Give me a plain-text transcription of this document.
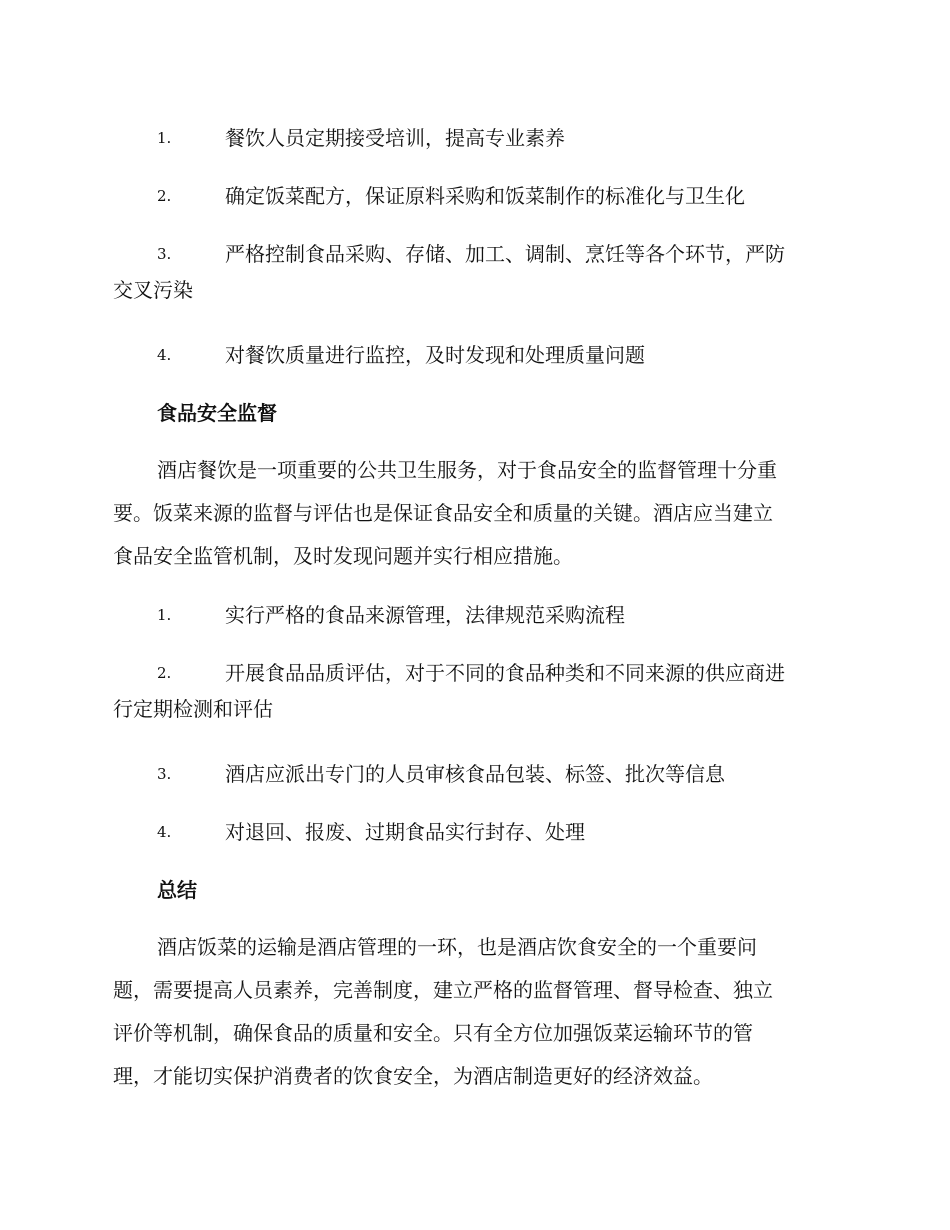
1.	餐饮人员定期接受培训，提高专业素养
2.	确定饭菜配方，保证原料采购和饭菜制作的标准化与卫生化
3.	严格控制食品采购、存储、加工、调制、烹饪等各个环节，严防
交叉污染
4.	对餐饮质量进行监控，及时发现和处理质量问题
食品安全监督
酒店餐饮是一项重要的公共卫生服务，对于食品安全的监督管理十分重
要。饭菜来源的监督与评估也是保证食品安全和质量的关键。酒店应当建立
食品安全监管机制，及时发现问题并实行相应措施。
1.	实行严格的食品来源管理，法律规范采购流程
2.	开展食品品质评估，对于不同的食品种类和不同来源的供应商进
行定期检测和评估
3.	酒店应派出专门的人员审核食品包装、标签、批次等信息
4.	对退回、报废、过期食品实行封存、处理
总结
酒店饭菜的运输是酒店管理的一环，也是酒店饮食安全的一个重要问
题，需要提高人员素养，完善制度，建立严格的监督管理、督导检查、独立
评价等机制，确保食品的质量和安全。只有全方位加强饭菜运输环节的管
理，才能切实保护消费者的饮食安全，为酒店制造更好的经济效益。
